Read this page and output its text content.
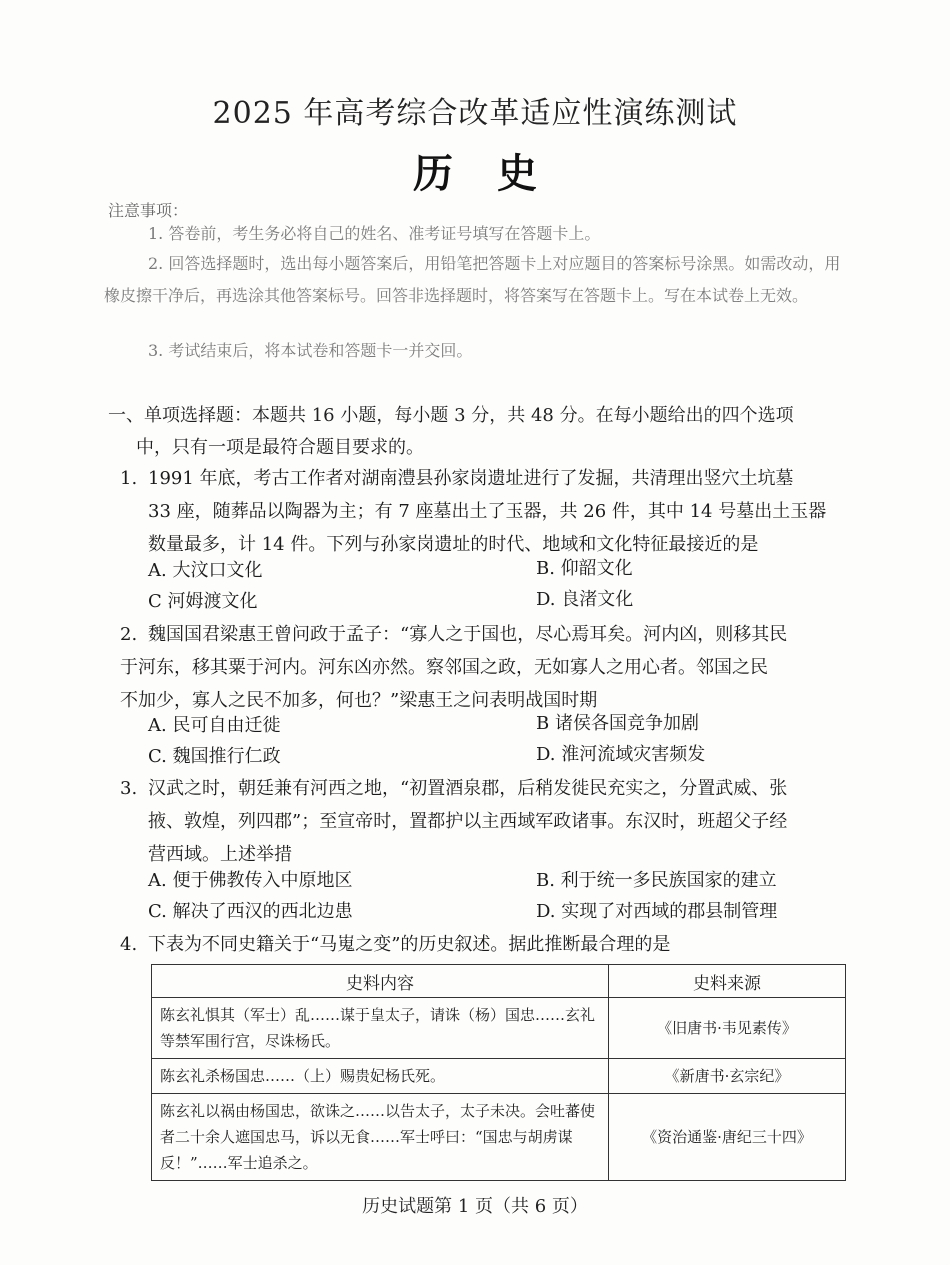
2025 年高考综合改革适应性演练测试
历史
注意事项：
1. 答卷前，考生务必将自己的姓名、准考证号填写在答题卡上。
2. 回答选择题时，选出每小题答案后，用铅笔把答题卡上对应题目的答案标号涂黑。如需改动，用橡皮擦干净后，再选涂其他答案标号。回答非选择题时，将答案写在答题卡上。写在本试卷上无效。
3. 考试结束后，将本试卷和答题卡一并交回。
一、单项选择题：本题共 16 小题，每小题 3 分，共 48 分。在每小题给出的四个选项
中，只有一项是最符合题目要求的。
1. 1991 年底，考古工作者对湖南澧县孙家岗遗址进行了发掘，共清理出竖穴土坑墓
33 座，随葬品以陶器为主；有 7 座墓出土了玉器，共 26 件，其中 14 号墓出土玉器
数量最多，计 14 件。下列与孙家岗遗址的时代、地域和文化特征最接近的是
A. 大汶口文化	B. 仰韶文化
C 河姆渡文化	D. 良渚文化
2. 魏国国君梁惠王曾问政于孟子：“寡人之于国也，尽心焉耳矣。河内凶，则移其民
于河东，移其粟于河内。河东凶亦然。察邻国之政，无如寡人之用心者。邻国之民
不加少，寡人之民不加多，何也？”梁惠王之问表明战国时期
A. 民可自由迁徙	B 诸侯各国竞争加剧
C. 魏国推行仁政	D. 淮河流域灾害频发
3. 汉武之时，朝廷兼有河西之地，“初置酒泉郡，后稍发徙民充实之，分置武威、张
掖、敦煌，列四郡”；至宣帝时，置都护以主西域军政诸事。东汉时，班超父子经
营西域。上述举措
A. 便于佛教传入中原地区	B. 利于统一多民族国家的建立
C. 解决了西汉的西北边患	D. 实现了对西域的郡县制管理
4. 下表为不同史籍关于“马嵬之变”的历史叙述。据此推断最合理的是
史料内容	史料来源
陈玄礼惧其（军士）乱……谋于皇太子，请诛（杨）国忠……玄礼等禁军围行宫，尽诛杨氏。	《旧唐书·韦见素传》
陈玄礼杀杨国忠……（上）赐贵妃杨氏死。	《新唐书·玄宗纪》
陈玄礼以祸由杨国忠，欲诛之……以告太子，太子未决。会吐蕃使者二十余人遮国忠马，诉以无食……军士呼曰：“国忠与胡虏谋反！”……军士追杀之。	《资治通鉴·唐纪三十四》
历史试题第 1 页（共 6 页）
